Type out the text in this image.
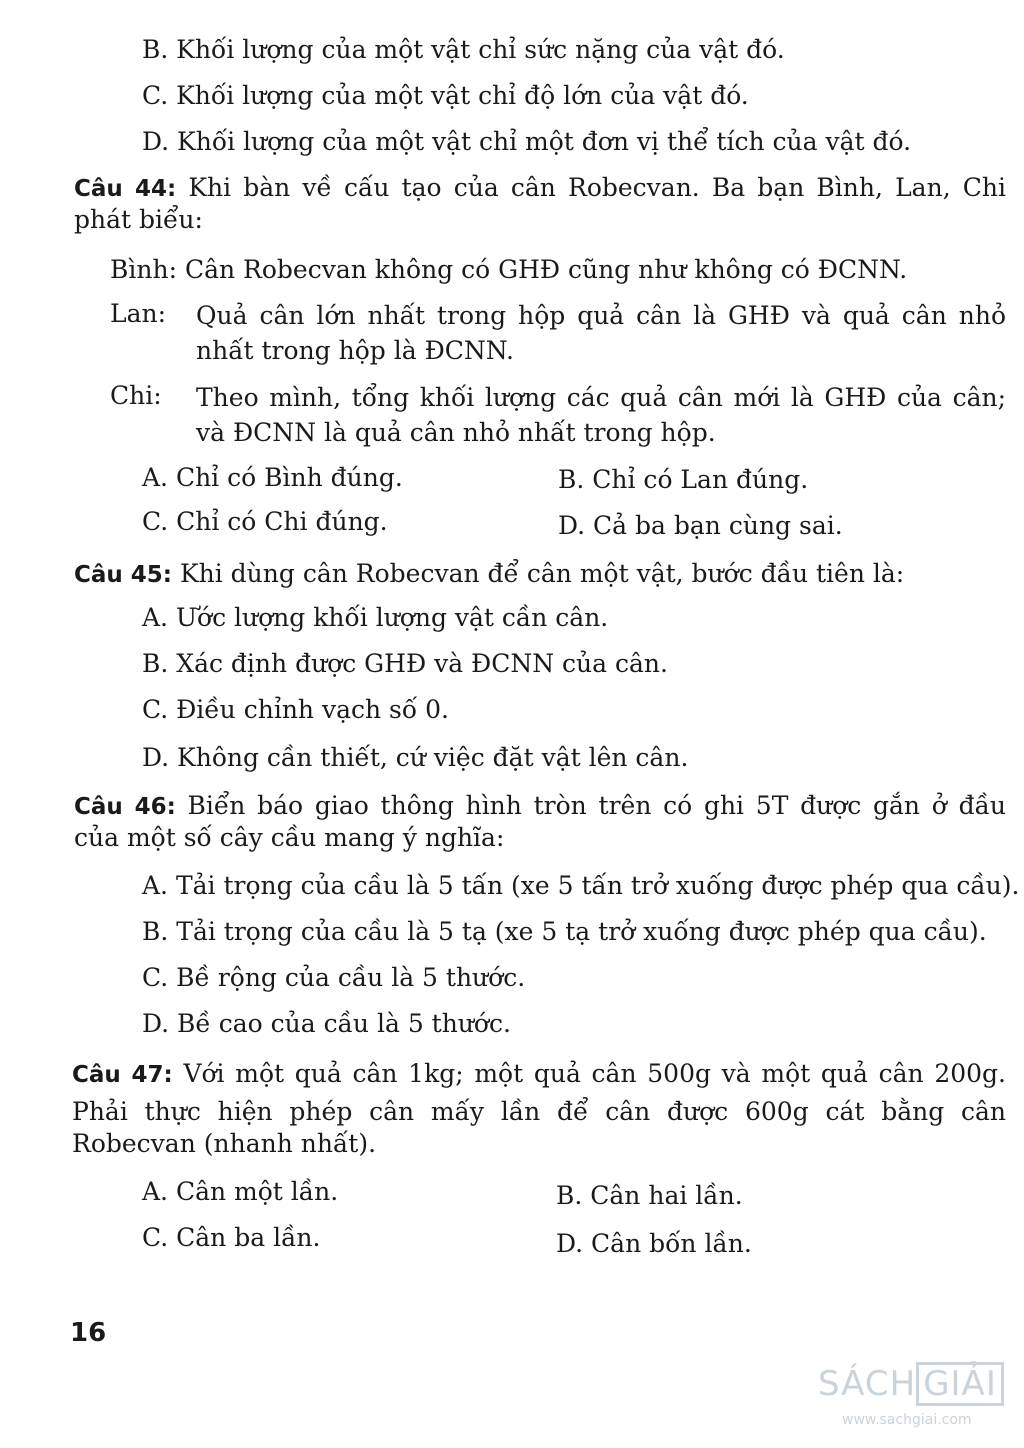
B. Khối lượng của một vật chỉ sức nặng của vật đó.
C. Khối lượng của một vật chỉ độ lớn của vật đó.
D. Khối lượng của một vật chỉ một đơn vị thể tích của vật đó.
Câu 44: Khi bàn về cấu tạo của cân Robecvan. Ba bạn Bình, Lan, Chi
phát biểu:
Bình: Cân Robecvan không có GHĐ cũng như không có ĐCNN.
Lan: Quả cân lớn nhất trong hộp quả cân là GHĐ và quả cân nhỏ
nhất trong hộp là ĐCNN.
Chi: Theo mình, tổng khối lượng các quả cân mới là GHĐ của cân;
và ĐCNN là quả cân nhỏ nhất trong hộp.
A. Chỉ có Bình đúng.	B. Chỉ có Lan đúng.
C. Chỉ có Chi đúng.	D. Cả ba bạn cùng sai.
Câu 45: Khi dùng cân Robecvan để cân một vật, bước đầu tiên là:
A. Ước lượng khối lượng vật cần cân.
B. Xác định được GHĐ và ĐCNN của cân.
C. Điều chỉnh vạch số 0.
D. Không cần thiết, cứ việc đặt vật lên cân.
Câu 46: Biển báo giao thông hình tròn trên có ghi 5T được gắn ở đầu
của một số cây cầu mang ý nghĩa:
A. Tải trọng của cầu là 5 tấn (xe 5 tấn trở xuống được phép qua cầu).
B. Tải trọng của cầu là 5 tạ (xe 5 tạ trở xuống được phép qua cầu).
C. Bề rộng của cầu là 5 thước.
D. Bề cao của cầu là 5 thước.
Câu 47: Với một quả cân 1kg; một quả cân 500g và một quả cân 200g.
Phải thực hiện phép cân mấy lần để cân được 600g cát bằng cân
Robecvan (nhanh nhất).
A. Cân một lần.	B. Cân hai lần.
C. Cân ba lần.	D. Cân bốn lần.
16
SÁCH GIẢI
www.sachgiai.com
